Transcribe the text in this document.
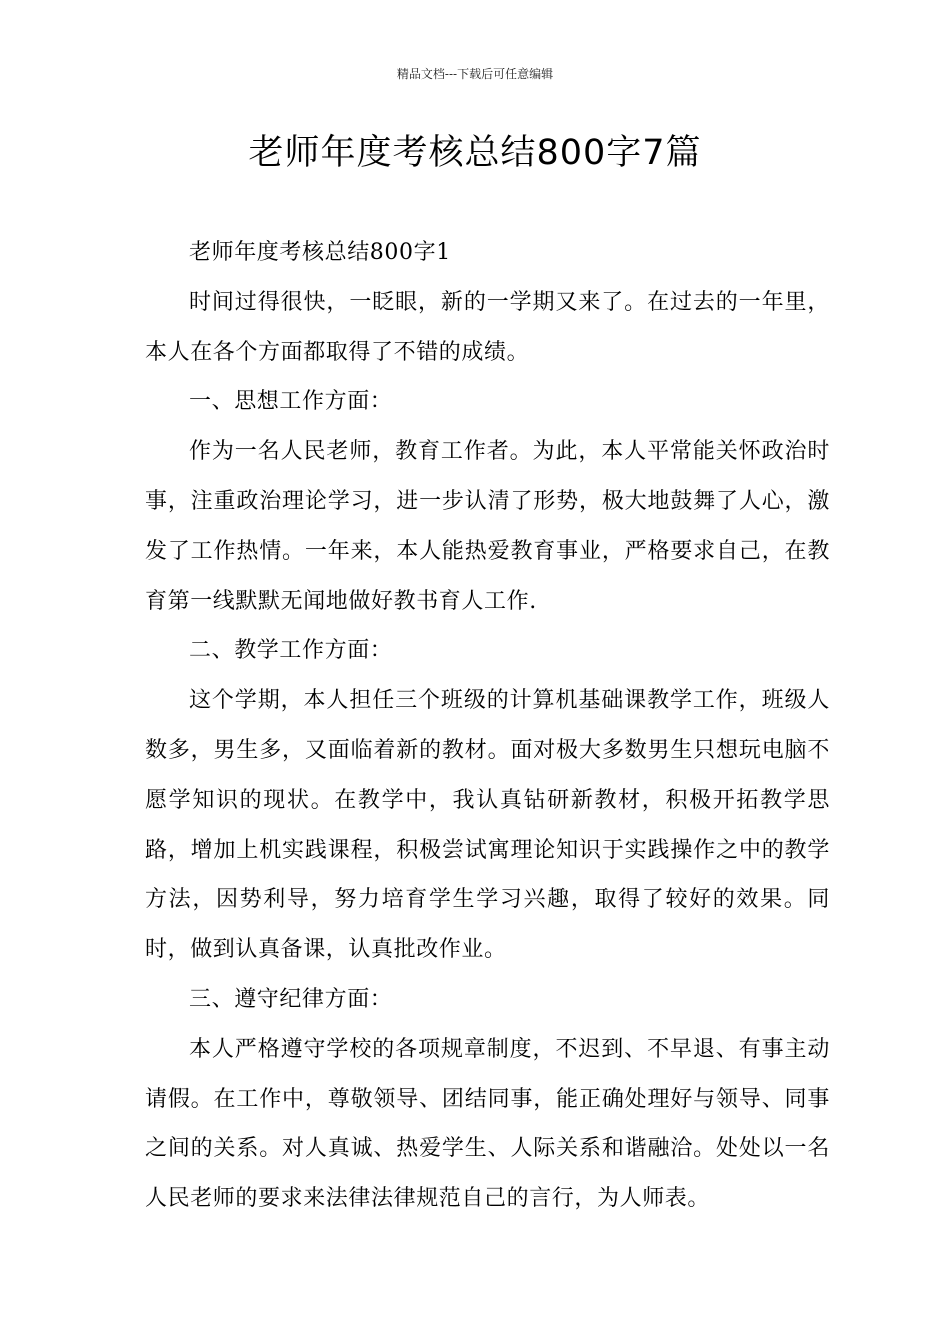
精品文档---下载后可任意编辑
老师年度考核总结800字7篇

老师年度考核总结800字1

时间过得很快，一眨眼，新的一学期又来了。在过去的一年里，本人在各个方面都取得了不错的成绩。

一、思想工作方面：

作为一名人民老师，教育工作者。为此，本人平常能关怀政治时事，注重政治理论学习，进一步认清了形势，极大地鼓舞了人心，激发了工作热情。一年来，本人能热爱教育事业，严格要求自己，在教育第一线默默无闻地做好教书育人工作.

二、教学工作方面：

这个学期，本人担任三个班级的计算机基础课教学工作，班级人数多，男生多，又面临着新的教材。面对极大多数男生只想玩电脑不愿学知识的现状。在教学中，我认真钻研新教材，积极开拓教学思路，增加上机实践课程，积极尝试寓理论知识于实践操作之中的教学方法，因势利导，努力培育学生学习兴趣，取得了较好的效果。同时，做到认真备课，认真批改作业。

三、遵守纪律方面：

本人严格遵守学校的各项规章制度，不迟到、不早退、有事主动请假。在工作中，尊敬领导、团结同事，能正确处理好与领导、同事之间的关系。对人真诚、热爱学生、人际关系和谐融洽。处处以一名人民老师的要求来法律法律规范自己的言行，为人师表。
